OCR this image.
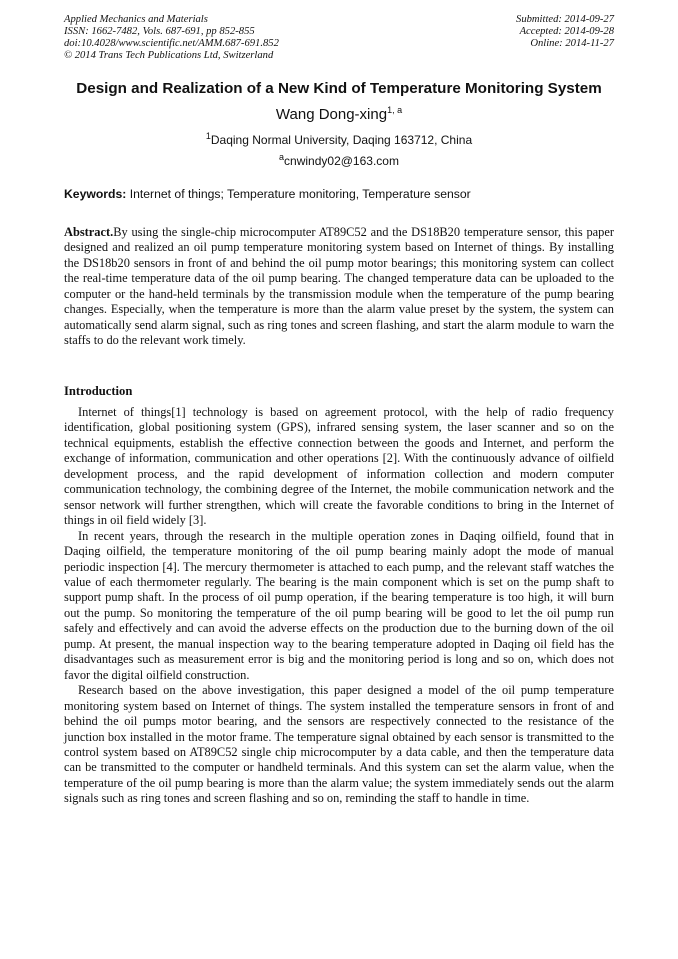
Applied Mechanics and Materials
ISSN: 1662-7482, Vols. 687-691, pp 852-855
doi:10.4028/www.scientific.net/AMM.687-691.852
© 2014 Trans Tech Publications Ltd, Switzerland
Submitted: 2014-09-27
Accepted: 2014-09-28
Online: 2014-11-27
Design and Realization of a New Kind of Temperature Monitoring System
Wang Dong-xing$^{1, a}$
$^1$Daqing Normal University, Daqing 163712, China
$^a$cnwindy02@163.com
Keywords: Internet of things; Temperature monitoring, Temperature sensor

Abstract.By using the single-chip microcomputer AT89C52 and the DS18B20 temperature sensor, this paper designed and realized an oil pump temperature monitoring system based on Internet of things. By installing the DS18b20 sensors in front of and behind the oil pump motor bearings; this monitoring system can collect the real-time temperature data of the oil pump bearing. The changed temperature data can be uploaded to the computer or the hand-held terminals by the transmission module when the temperature of the pump bearing changes. Especially, when the temperature is more than the alarm value preset by the system, the system can automatically send alarm signal, such as ring tones and screen flashing, and start the alarm module to warn the staffs to do the relevant work timely.

Introduction

Internet of things[1] technology is based on agreement protocol, with the help of radio frequency identification, global positioning system (GPS), infrared sensing system, the laser scanner and so on the technical equipments, establish the effective connection between the goods and Internet, and perform the exchange of information, communication and other operations [2]. With the continuously advance of oilfield development process, and the rapid development of information collection and modern computer communication technology, the combining degree of the Internet, the mobile communication network and the sensor network will further strengthen, which will create the favorable conditions to bring in the Internet of things in oil field widely [3].

In recent years, through the research in the multiple operation zones in Daqing oilfield, found that in Daqing oilfield, the temperature monitoring of the oil pump bearing mainly adopt the mode of manual periodic inspection [4]. The mercury thermometer is attached to each pump, and the relevant staff watches the value of each thermometer regularly. The bearing is the main component which is set on the pump shaft to support pump shaft. In the process of oil pump operation, if the bearing temperature is too high, it will burn out the pump. So monitoring the temperature of the oil pump bearing will be good to let the oil pump run safely and effectively and can avoid the adverse effects on the production due to the burning down of the oil pump. At present, the manual inspection way to the bearing temperature adopted in Daqing oil field has the disadvantages such as measurement error is big and the monitoring period is long and so on, which does not favor the digital oilfield construction.

Research based on the above investigation, this paper designed a model of the oil pump temperature monitoring system based on Internet of things. The system installed the temperature sensors in front of and behind the oil pumps motor bearing, and the sensors are respectively connected to the resistance of the junction box installed in the motor frame. The temperature signal obtained by each sensor is transmitted to the control system based on AT89C52 single chip microcomputer by a data cable, and then the temperature data can be transmitted to the computer or handheld terminals. And this system can set the alarm value, when the temperature of the oil pump bearing is more than the alarm value; the system immediately sends out the alarm signals such as ring tones and screen flashing and so on, reminding the staff to handle in time.
